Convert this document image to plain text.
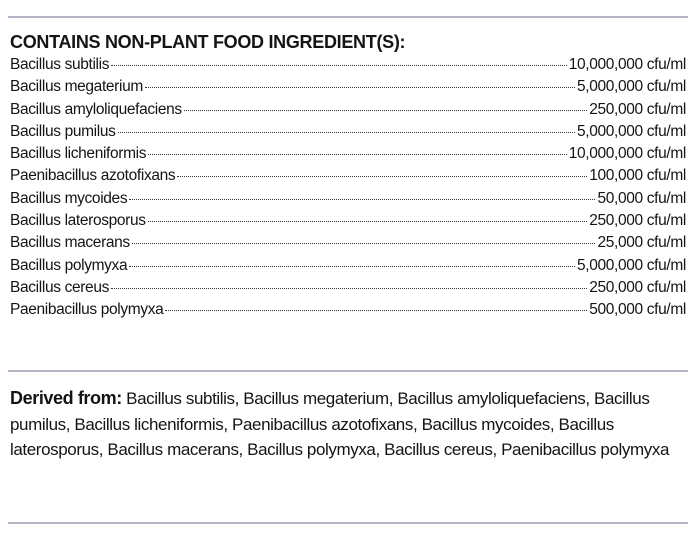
CONTAINS NON-PLANT FOOD INGREDIENT(S):
Bacillus subtilis	10,000,000 cfu/ml
Bacillus megaterium	5,000,000 cfu/ml
Bacillus amyloliquefaciens	250,000 cfu/ml
Bacillus pumilus	5,000,000 cfu/ml
Bacillus licheniformis	10,000,000 cfu/ml
Paenibacillus azotofixans	100,000 cfu/ml
Bacillus mycoides	50,000 cfu/ml
Bacillus laterosporus	250,000 cfu/ml
Bacillus macerans	25,000 cfu/ml
Bacillus polymyxa	5,000,000 cfu/ml
Bacillus cereus	250,000 cfu/ml
Paenibacillus polymyxa	500,000 cfu/ml
Derived from: Bacillus subtilis, Bacillus megaterium, Bacillus amyloliquefaciens, Bacillus pumilus, Bacillus licheniformis, Paenibacillus azotofixans, Bacillus mycoides, Bacillus laterosporus, Bacillus macerans, Bacillus polymyxa, Bacillus cereus, Paenibacillus polymyxa
